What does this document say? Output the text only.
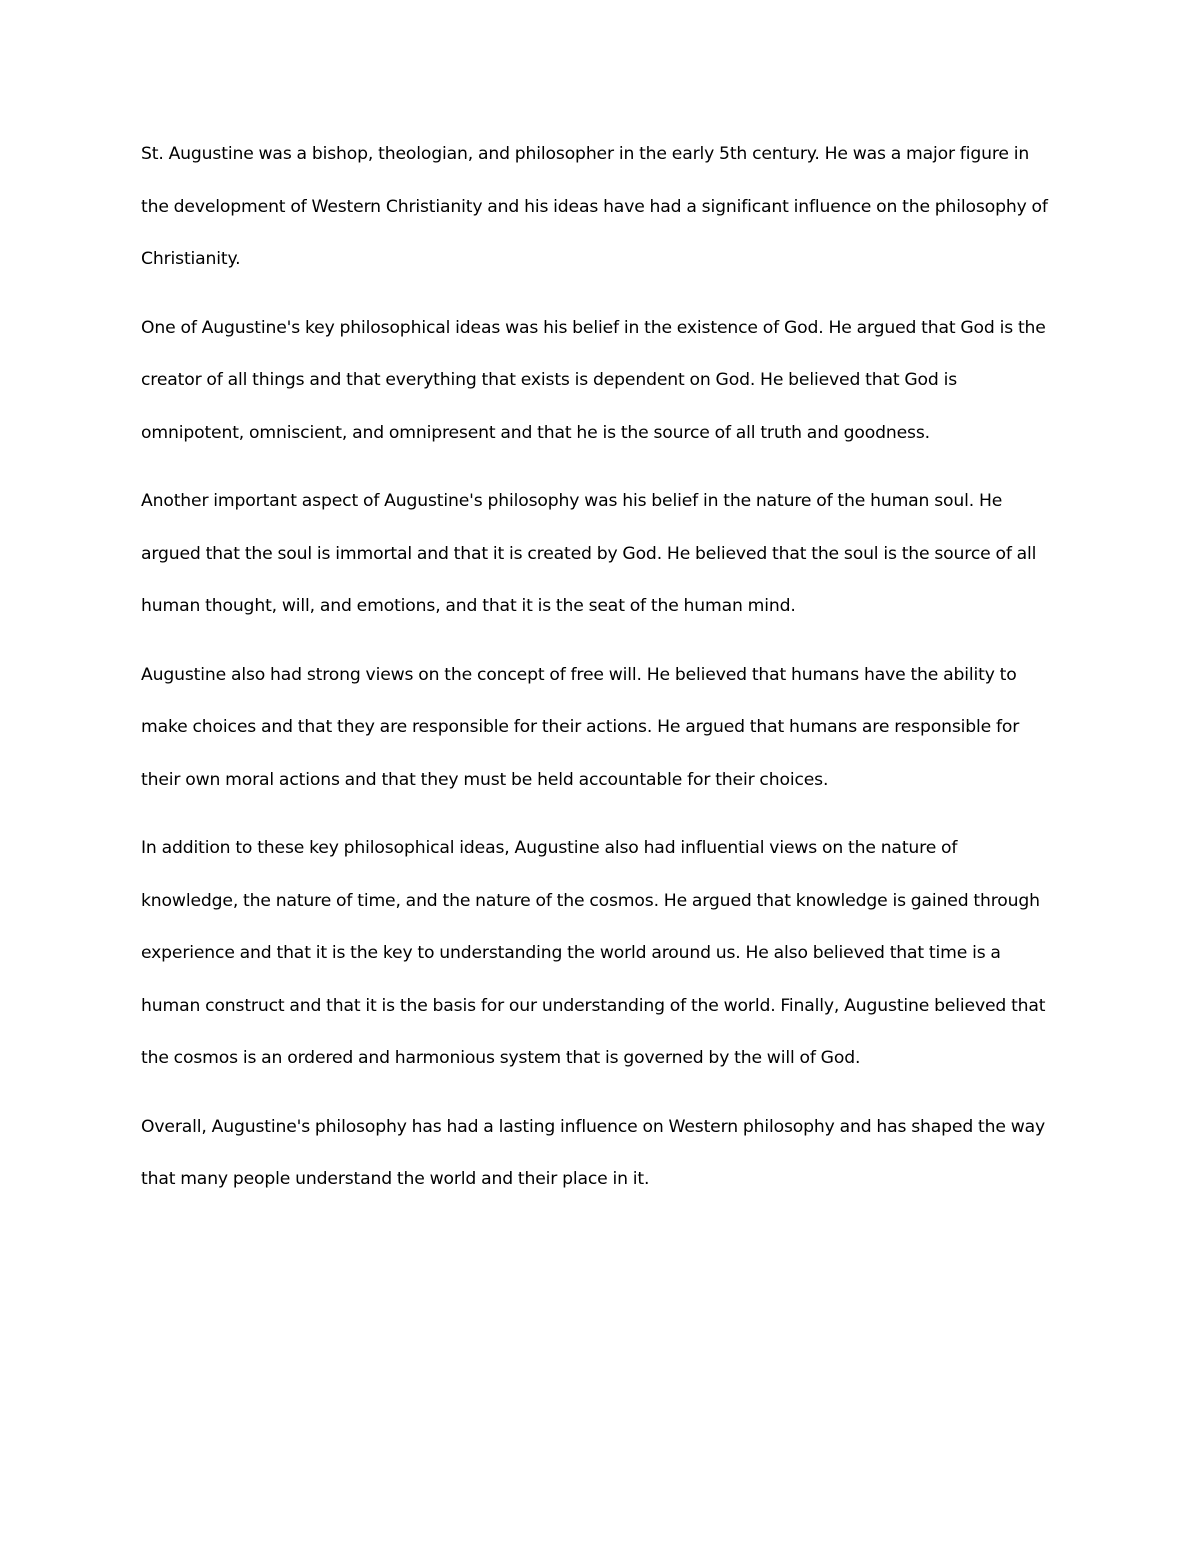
St. Augustine was a bishop, theologian, and philosopher in the early 5th century. He was a major figure in the development of Western Christianity and his ideas have had a significant influence on the philosophy of Christianity.

One of Augustine's key philosophical ideas was his belief in the existence of God. He argued that God is the creator of all things and that everything that exists is dependent on God. He believed that God is omnipotent, omniscient, and omnipresent and that he is the source of all truth and goodness.

Another important aspect of Augustine's philosophy was his belief in the nature of the human soul. He argued that the soul is immortal and that it is created by God. He believed that the soul is the source of all human thought, will, and emotions, and that it is the seat of the human mind.

Augustine also had strong views on the concept of free will. He believed that humans have the ability to make choices and that they are responsible for their actions. He argued that humans are responsible for their own moral actions and that they must be held accountable for their choices.

In addition to these key philosophical ideas, Augustine also had influential views on the nature of knowledge, the nature of time, and the nature of the cosmos. He argued that knowledge is gained through experience and that it is the key to understanding the world around us. He also believed that time is a human construct and that it is the basis for our understanding of the world. Finally, Augustine believed that the cosmos is an ordered and harmonious system that is governed by the will of God.

Overall, Augustine's philosophy has had a lasting influence on Western philosophy and has shaped the way that many people understand the world and their place in it.
